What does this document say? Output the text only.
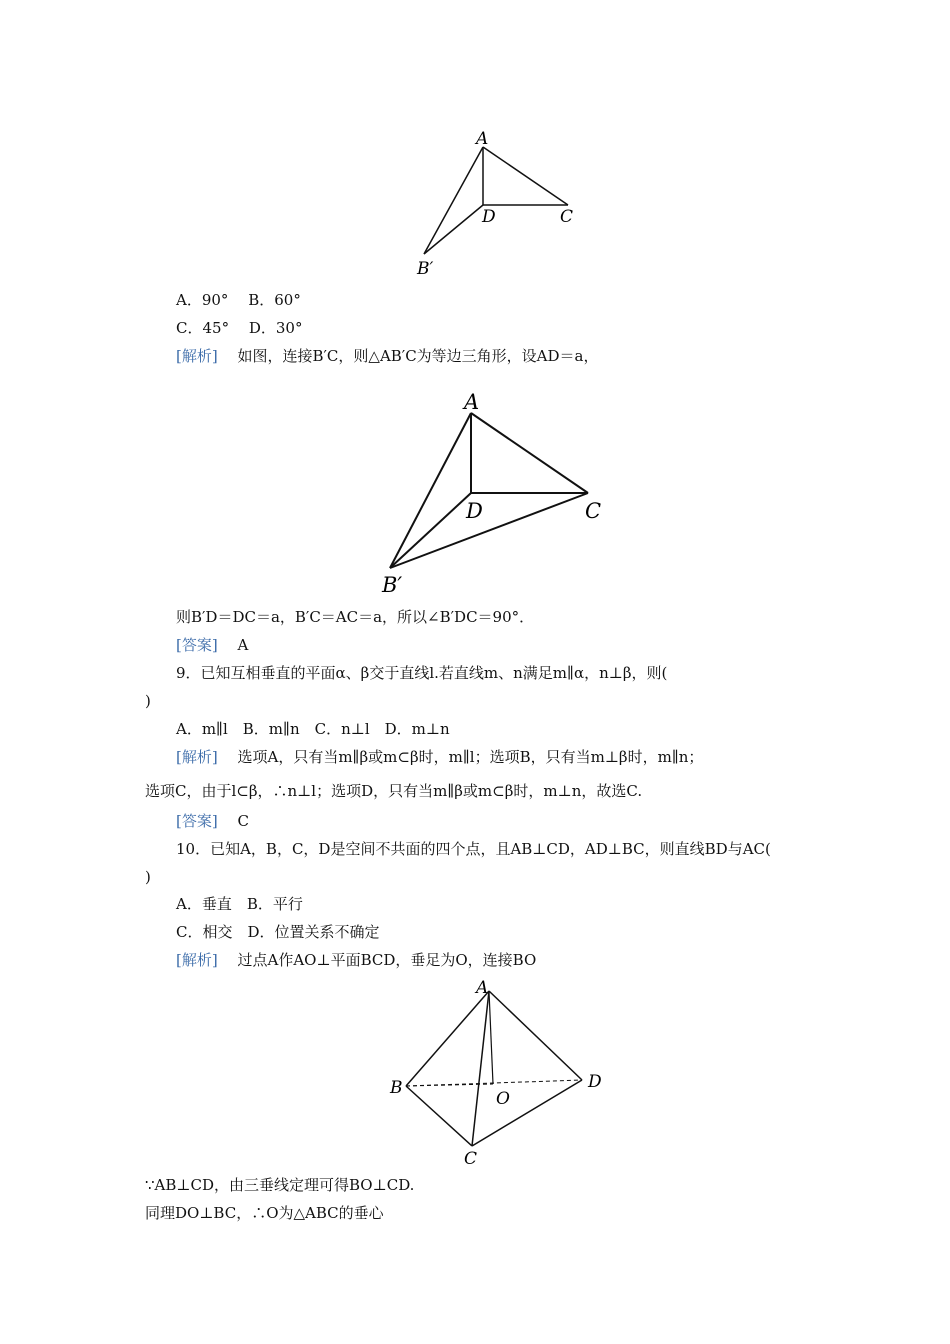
A
D	C
B′
A．90°　 B．60°
C．45°　 D．30°
[解析]　 如图，连接B′C，则△AB′C为等边三角形，设AD＝a，
A
D	C
B′
则B′D＝DC＝a，B′C＝AC＝a，所以∠B′DC＝90°．
[答案]　 A
9．已知互相垂直的平面α、β交于直线l.若直线m、n满足m∥α，n⊥β，则(
)
A．m∥l　B．m∥n　C．n⊥l　D．m⊥n
[解析]　 选项A，只有当m∥β或m⊂β时，m∥l；选项B，只有当m⊥β时，m∥n；
选项C，由于l⊂β，∴n⊥l；选项D，只有当m∥β或m⊂β时，m⊥n，故选C.
[答案]　 C
10．已知A，B，C，D是空间不共面的四个点，且AB⊥CD，AD⊥BC，则直线BD与AC(
)
A．垂直　B．平行
C．相交　D．位置关系不确定
[解析]　 过点A作AO⊥平面BCD，垂足为O，连接BO
A
B	D
O
C
∵AB⊥CD，由三垂线定理可得BO⊥CD.
同理DO⊥BC，∴O为△ABC的垂心
